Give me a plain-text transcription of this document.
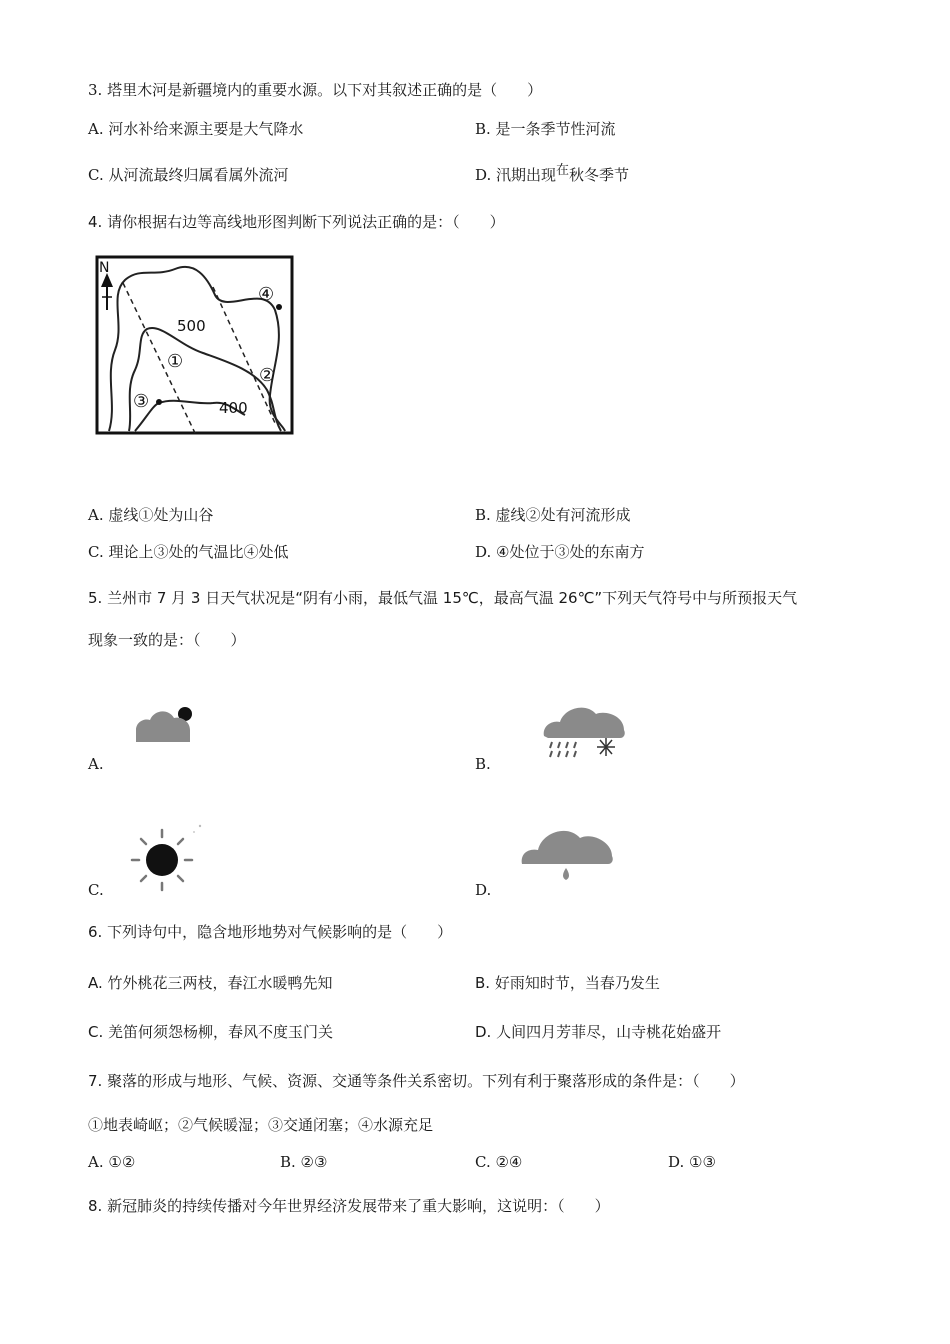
3. 塔里木河是新疆境内的重要水源。以下对其叙述正确的是（　　）
A. 河水补给来源主要是大气降水	B. 是一条季节性河流
C. 从河流最终归属看属外流河	D. 汛期出现在秋冬季节
4. 请你根据右边等高线地形图判断下列说法正确的是：（　　）
N
500
400
①
②
③
④
A. 虚线①处为山谷	B. 虚线②处有河流形成
C. 理论上③处的气温比④处低	D. ④处位于③处的东南方
5. 兰州市 7 月 3 日天气状况是“阴有小雨，最低气温 15℃，最高气温 26℃”下列天气符号中与所预报天气
现象一致的是：（　　）
A.	B.
C.	D.
6. 下列诗句中，隐含地形地势对气候影响的是（　　）
A. 竹外桃花三两枝，春江水暖鸭先知	B. 好雨知时节，当春乃发生
C. 羌笛何须怨杨柳，春风不度玉门关	D. 人间四月芳菲尽，山寺桃花始盛开
7. 聚落的形成与地形、气候、资源、交通等条件关系密切。下列有利于聚落形成的条件是：（　　）
①地表崎岖；②气候暖湿；③交通闭塞；④水源充足
A. ①②	B. ②③	C. ②④	D. ①③
8. 新冠肺炎的持续传播对今年世界经济发展带来了重大影响，这说明：（　　）
